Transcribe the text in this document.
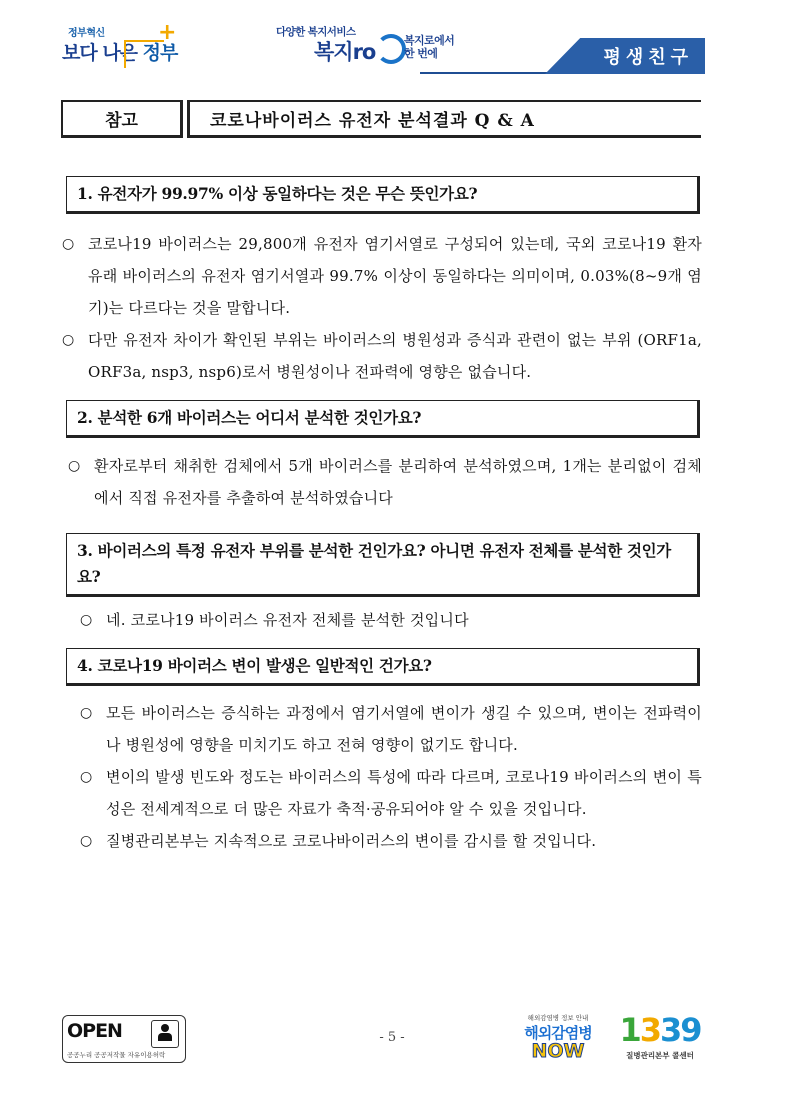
정부혁신
보다 나은 정부
+	다양한 복지서비스
복지ro	복지로에서
한 번에	평생친구
참고	코로나바이러스 유전자 분석결과 Q & A
1. 유전자가 99.97% 이상 동일하다는 것은 무슨 뜻인가요?
○ 코로나19 바이러스는 29,800개 유전자 염기서열로 구성되어 있는데, 국외 코로나19 환자 유래 바이러스의 유전자 염기서열과 99.7% 이상이 동일하다는 의미이며, 0.03%(8~9개 염기)는 다르다는 것을 말합니다.
○ 다만 유전자 차이가 확인된 부위는 바이러스의 병원성과 증식과 관련이 없는 부위 (ORF1a, ORF3a, nsp3, nsp6)로서 병원성이나 전파력에 영향은 없습니다.
2. 분석한 6개 바이러스는 어디서 분석한 것인가요?
○ 환자로부터 채취한 검체에서 5개 바이러스를 분리하여 분석하였으며, 1개는 분리없이 검체에서 직접 유전자를 추출하여 분석하였습니다
3. 바이러스의 특정 유전자 부위를 분석한 건인가요? 아니면 유전자 전체를 분석한 것인가요?
○ 네. 코로나19 바이러스 유전자 전체를 분석한 것입니다
4. 코로나19 바이러스 변이 발생은 일반적인 건가요?
○ 모든 바이러스는 증식하는 과정에서 염기서열에 변이가 생길 수 있으며, 변이는 전파력이나 병원성에 영향을 미치기도 하고 전혀 영향이 없기도 합니다.
○ 변이의 발생 빈도와 정도는 바이러스의 특성에 따라 다르며, 코로나19 바이러스의 변이 특성은 전세계적으로 더 많은 자료가 축적·공유되어야 알 수 있을 것입니다.
○ 질병관리본부는 지속적으로 코로나바이러스의 변이를 감시를 할 것입니다.
OPEN
공공누리 공공저작물 자유이용허락
- 5 -
해외감염병 정보 안내
해외감염병
NOW
1339
질병관리본부 콜센터
